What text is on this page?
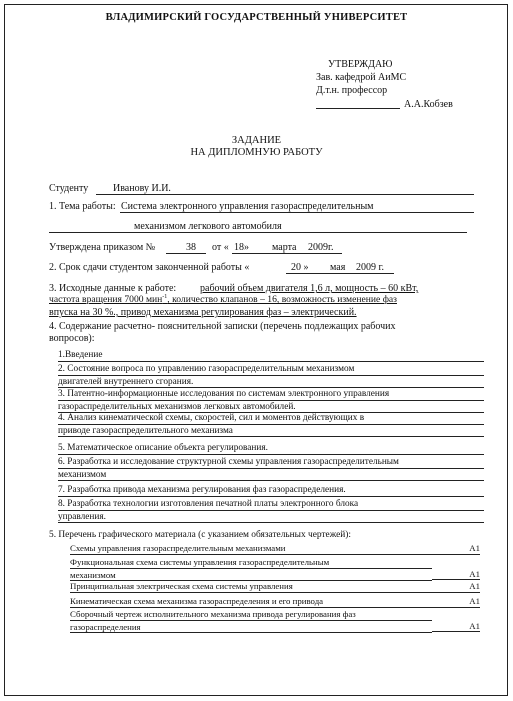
ВЛАДИМИРСКИЙ ГОСУДАРСТВЕННЫЙ УНИВЕРСИТЕТ
УТВЕРЖДАЮ
Зав. кафедрой АиМС
Д.т.н. профессор
А.А.Кобзев
ЗАДАНИЕ
НА ДИПЛОМНУЮ РАБОТУ
Студенту Иванову И.И.
1. Тема работы: Система электронного управления газораспределительным
механизмом легкового автомобиля
Утверждена приказом №	38 от « 18» марта 2009г.
2. Срок сдачи студентом законченной работы «	20 » мая 2009 г.
3. Исходные данные к работе: рабочий объем двигателя 1,6 л, мощность – 60 кВт,
частота вращения 7000 мин$^{-1}$, количество клапанов – 16, возможность изменение фаз
впуска на 30 %., привод механизма регулирования фаз – электрический.
4. Содержание расчетно- пояснительной записки (перечень подлежащих рабочих
вопросов):
1.Введение
2. Состояние вопроса по управлению газораспределительным механизмом
двигателей внутреннего сгорания.
3. Патентно-информационные исследования по системам электронного управления
газораспределительных механизмов легковых автомобилей.
4. Анализ кинематической схемы, скоростей, сил и моментов действующих в
приводе газораспределительного механизма
5. Математическое описание объекта регулирования.
6. Разработка и исследование структурной схемы управления газораспределительным
механизмом
7. Разработка привода механизма регулирования фаз газораспределения.
8. Разработка технологии изготовления печатной платы электронного блока
управления.
5. Перечень графического материала (с указанием обязательных чертежей):
Схемы управления газораспределительным механизмами	А1
Функциональная схема системы управления газораспределительным
механизмом	А1
Принципиальная электрическая схема системы управления	А1
Кинематическая схема механизма газораспределения и его привода	А1
Сборочный чертеж исполнительного механизма привода регулирования фаз
газораспределения	А1
